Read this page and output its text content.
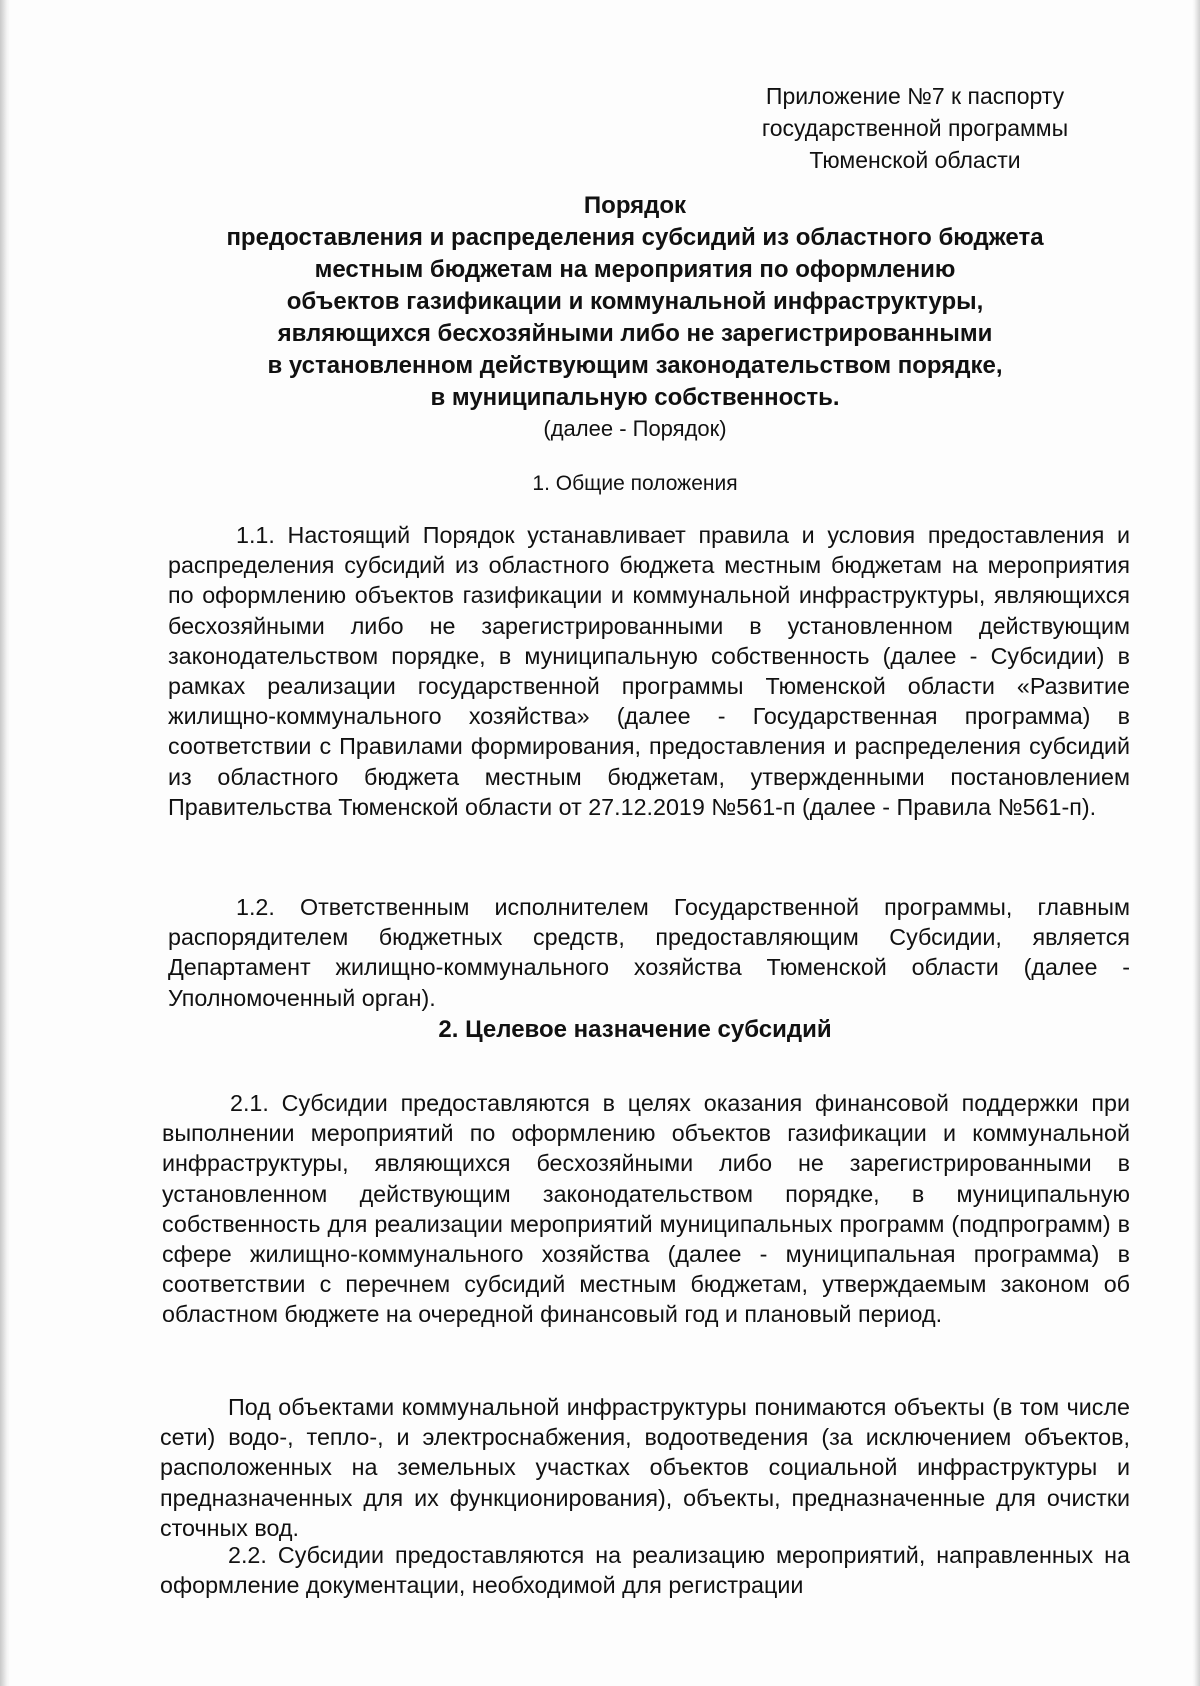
Приложение №7 к паспорту
государственной программы
Тюменской области
Порядок
предоставления и распределения субсидий из областного бюджета
местным бюджетам на мероприятия по оформлению
объектов газификации и коммунальной инфраструктуры,
являющихся бесхозяйными либо не зарегистрированными
в установленном действующим законодательством порядке,
в муниципальную собственность.
(далее - Порядок)
1. Общие положения

1.1. Настоящий Порядок устанавливает правила и условия предоставления и распределения субсидий из областного бюджета местным бюджетам на мероприятия по оформлению объектов газификации и коммунальной инфраструктуры, являющихся бесхозяйными либо не зарегистрированными в установленном действующим законодательством порядке, в муниципальную собственность (далее - Субсидии) в рамках реализации государственной программы Тюменской области «Развитие жилищно-коммунального хозяйства» (далее - Государственная программа) в соответствии с Правилами формирования, предоставления и распределения субсидий из областного бюджета местным бюджетам, утвержденными постановлением Правительства Тюменской области от 27.12.2019 №561-п (далее - Правила №561-п).

1.2. Ответственным исполнителем Государственной программы, главным распорядителем бюджетных средств, предоставляющим Субсидии, является Департамент жилищно-коммунального хозяйства Тюменской области (далее - Уполномоченный орган).

2. Целевое назначение субсидий

2.1. Субсидии предоставляются в целях оказания финансовой поддержки при выполнении мероприятий по оформлению объектов газификации и коммунальной инфраструктуры, являющихся бесхозяйными либо не зарегистрированными в установленном действующим законодательством порядке, в муниципальную собственность для реализации мероприятий муниципальных программ (подпрограмм) в сфере жилищно-коммунального хозяйства (далее - муниципальная программа) в соответствии с перечнем субсидий местным бюджетам, утверждаемым законом об областном бюджете на очередной финансовый год и плановый период.

Под объектами коммунальной инфраструктуры понимаются объекты (в том числе сети) водо-, тепло-, и электроснабжения, водоотведения (за исключением объектов, расположенных на земельных участках объектов социальной инфраструктуры и предназначенных для их функционирования), объекты, предназначенные для очистки сточных вод.

2.2. Субсидии предоставляются на реализацию мероприятий, направленных на оформление документации, необходимой для регистрации
